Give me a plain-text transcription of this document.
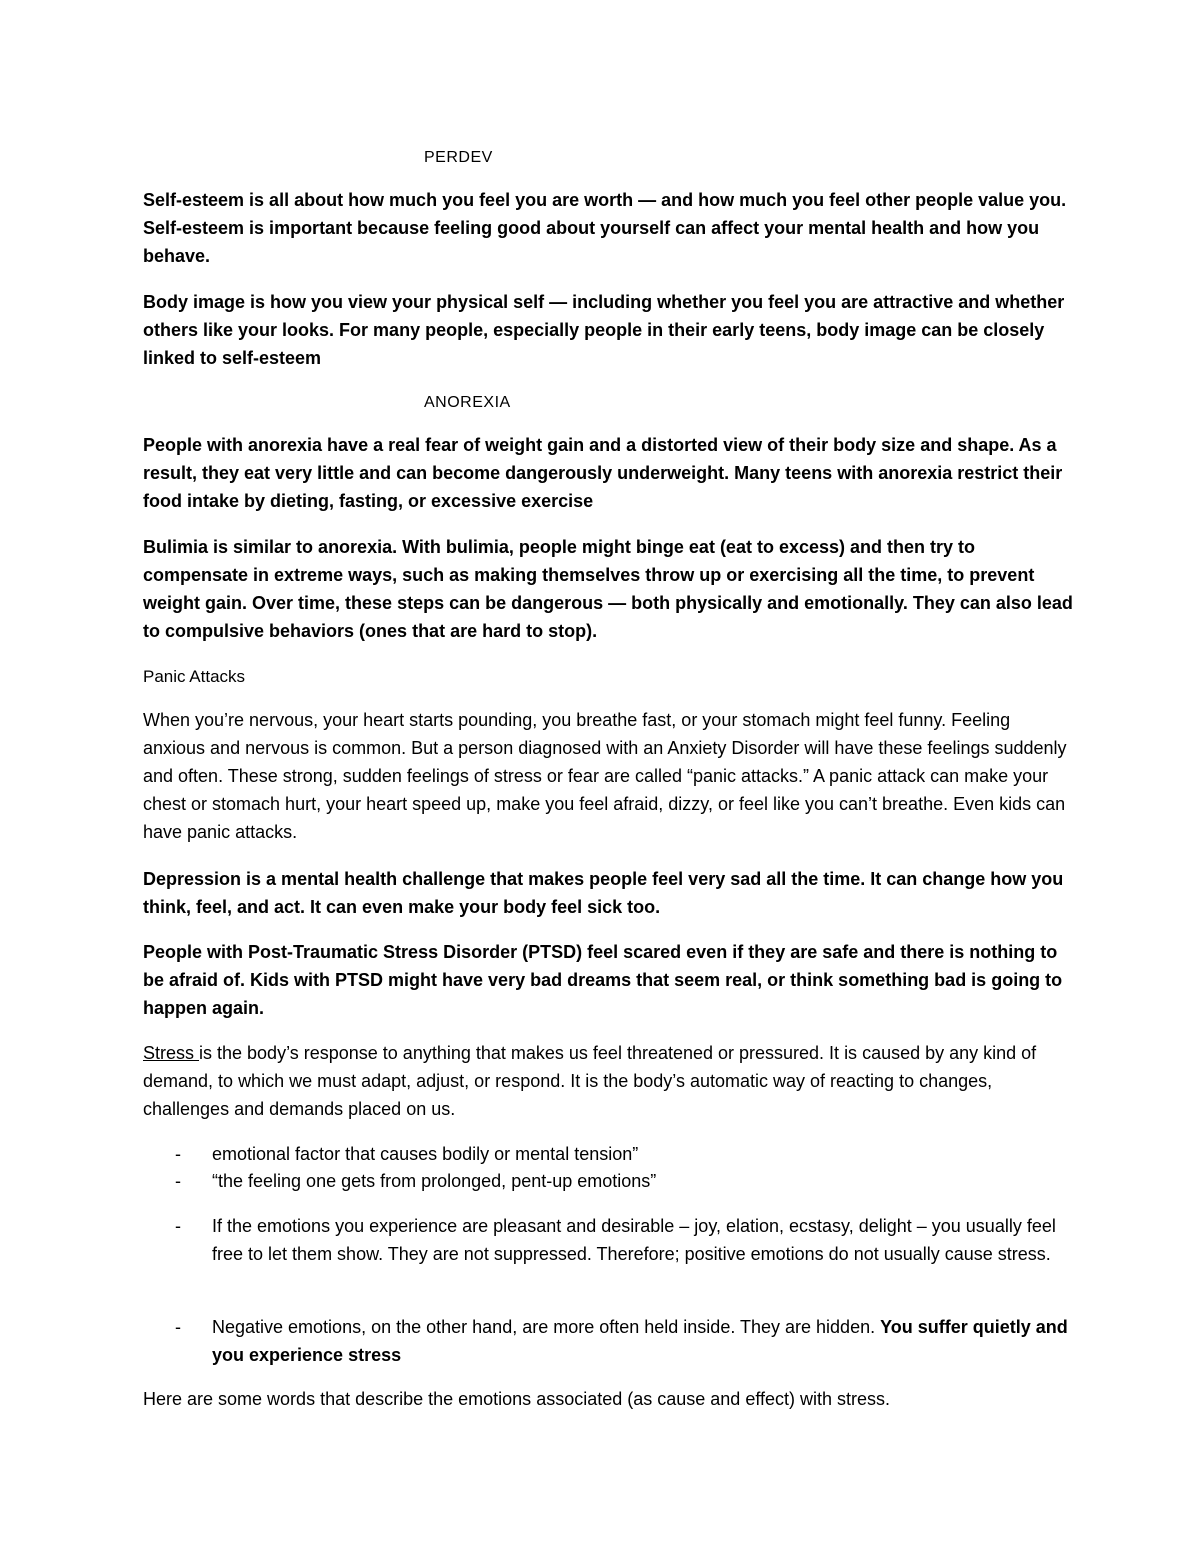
PERDEV

Self-esteem is all about how much you feel you are worth — and how much you feel other people value you. Self-esteem is important because feeling good about yourself can affect your mental health and how you behave.

Body image is how you view your physical self — including whether you feel you are attractive and whether others like your looks. For many people, especially people in their early teens, body image can be closely linked to self-esteem

ANOREXIA

People with anorexia have a real fear of weight gain and a distorted view of their body size and shape. As a result, they eat very little and can become dangerously underweight. Many teens with anorexia restrict their food intake by dieting, fasting, or excessive exercise

Bulimia is similar to anorexia. With bulimia, people might binge eat (eat to excess) and then try to compensate in extreme ways, such as making themselves throw up or exercising all the time, to prevent weight gain. Over time, these steps can be dangerous — both physically and emotionally. They can also lead to compulsive behaviors (ones that are hard to stop).

Panic Attacks

When you’re nervous, your heart starts pounding, you breathe fast, or your stomach might feel funny. Feeling anxious and nervous is common. But a person diagnosed with an Anxiety Disorder will have these feelings suddenly and often. These strong, sudden feelings of stress or fear are called “panic attacks.” A panic attack can make your chest or stomach hurt, your heart speed up, make you feel afraid, dizzy, or feel like you can’t breathe. Even kids can have panic attacks.

Depression is a mental health challenge that makes people feel very sad all the time. It can change how you think, feel, and act. It can even make your body feel sick too.

People with Post-Traumatic Stress Disorder (PTSD) feel scared even if they are safe and there is nothing to be afraid of. Kids with PTSD might have very bad dreams that seem real, or think something bad is going to happen again.

Stress is the body’s response to anything that makes us feel threatened or pressured. It is caused by any kind of demand, to which we must adapt, adjust, or respond. It is the body’s automatic way of reacting to changes, challenges and demands placed on us.

- emotional factor that causes bodily or mental tension”
- “the feeling one gets from prolonged, pent-up emotions”
- If the emotions you experience are pleasant and desirable – joy, elation, ecstasy, delight – you usually feel free to let them show. They are not suppressed. Therefore; positive emotions do not usually cause stress.
- Negative emotions, on the other hand, are more often held inside. They are hidden. You suffer quietly and you experience stress

Here are some words that describe the emotions associated (as cause and effect) with stress.
